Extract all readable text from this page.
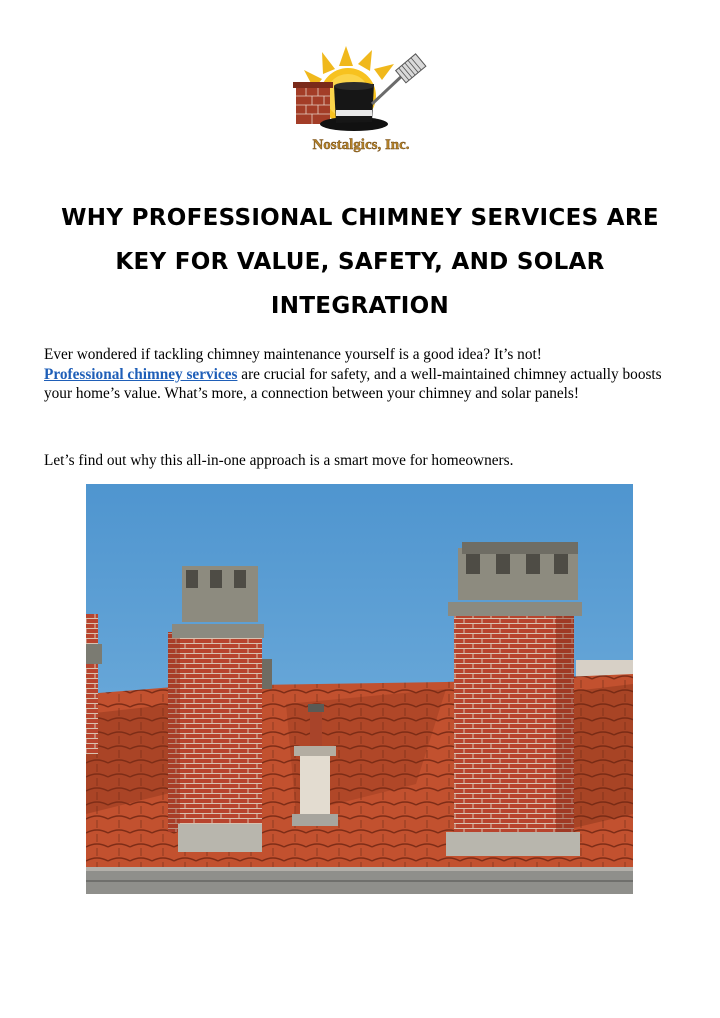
Nostalgics, Inc.
WHY PROFESSIONAL CHIMNEY SERVICES ARE
KEY FOR VALUE, SAFETY, AND SOLAR
INTEGRATION

Ever wondered if tackling chimney maintenance yourself is a good idea? It’s not!
Professional chimney services are crucial for safety, and a well-maintained chimney actually boosts your home’s value. What’s more, a connection between your chimney and solar panels!

Let’s find out why this all-in-one approach is a smart move for homeowners.
